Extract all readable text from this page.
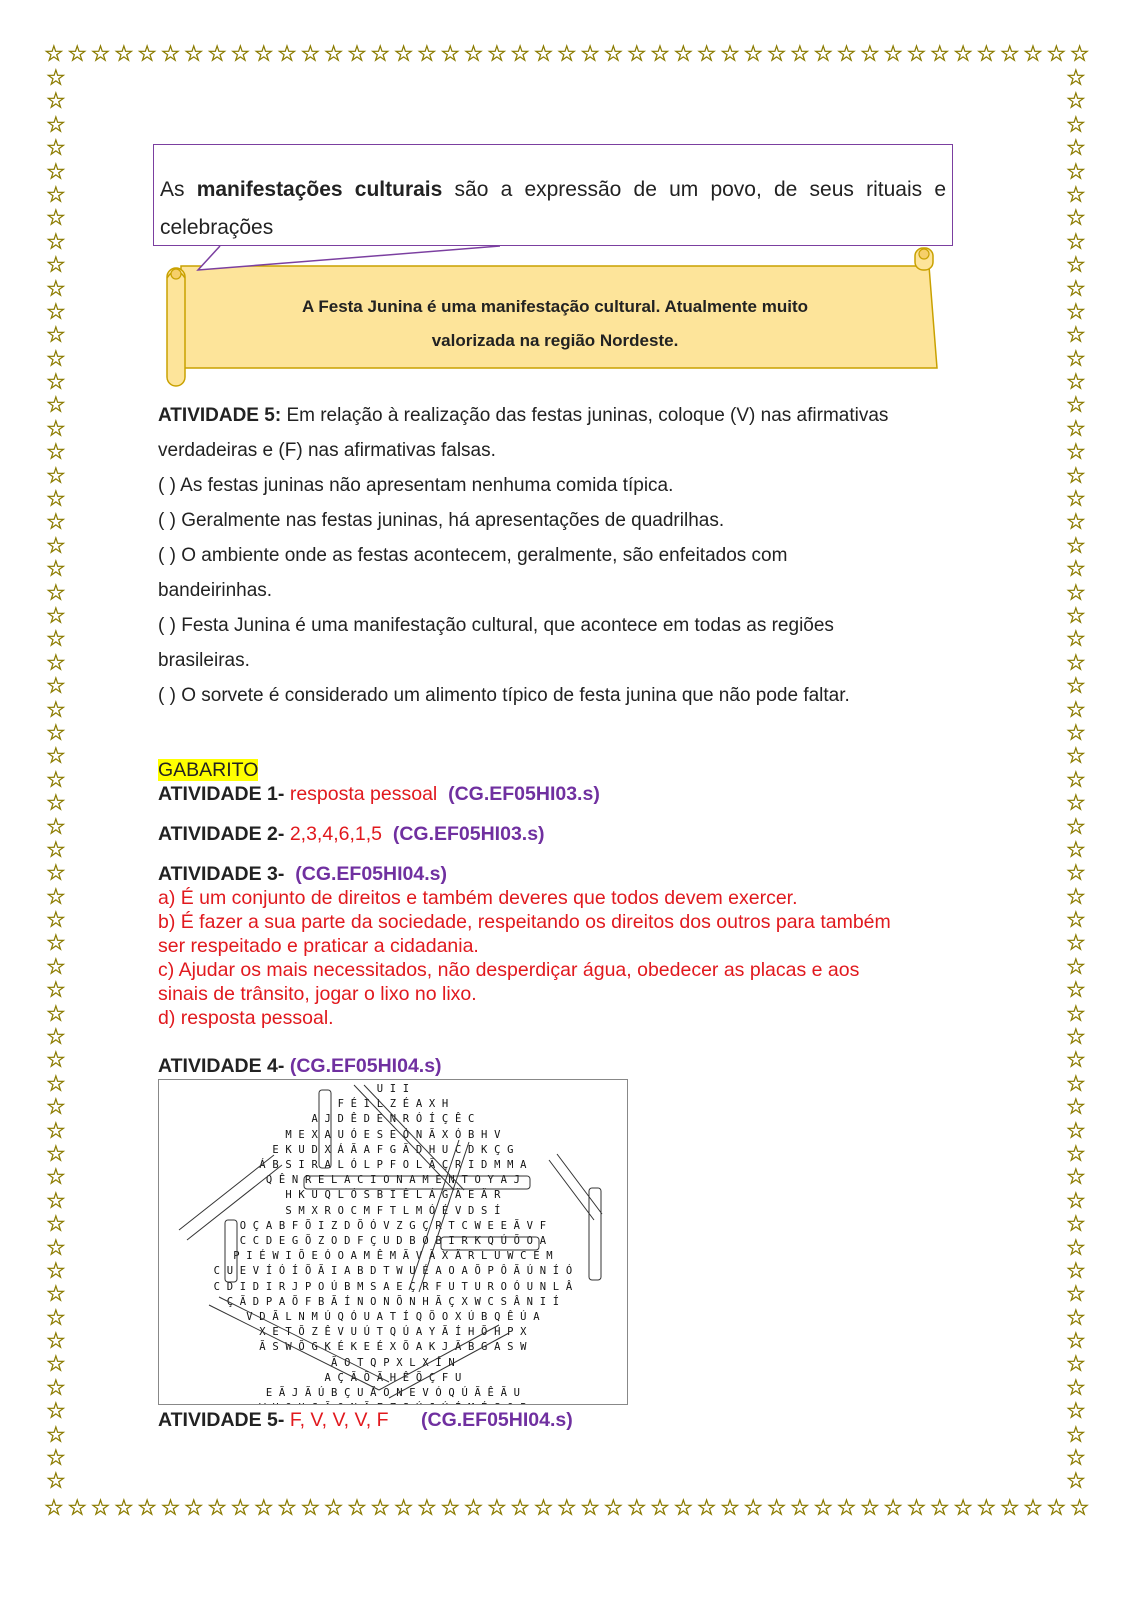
☆ ☆ ☆ ☆ ☆ ☆ ☆ ☆ ☆ ☆ ☆ ☆ ☆ ☆ ☆ ☆ ☆ ☆ ☆ ☆ ☆ ☆ ☆ ☆ ☆ ☆ ☆ ☆ ☆ ☆ ☆ ☆ ☆ ☆ ☆ ☆ ☆ ☆ ☆ ☆ ☆ ☆ ☆ ☆ ☆
☆ ☆ ☆ ☆ ☆ ☆ ☆ ☆ ☆ ☆ ☆ ☆ ☆ ☆ ☆ ☆ ☆ ☆ ☆ ☆ ☆ ☆ ☆ ☆ ☆ ☆ ☆ ☆ ☆ ☆ ☆ ☆ ☆ ☆ ☆ ☆ ☆ ☆ ☆ ☆ ☆ ☆ ☆ ☆ ☆
☆
☆
☆
☆
☆
☆
☆
☆
☆
☆
☆
☆
☆
☆
☆
☆
☆
☆
☆
☆
☆
☆
☆
☆
☆
☆
☆
☆
☆
☆
☆
☆
☆
☆
☆
☆
☆
☆
☆
☆
☆
☆
☆
☆
☆
☆
☆
☆
☆
☆
☆
☆
☆
☆
☆
☆
☆
☆
☆
☆
☆
☆
☆
☆
☆
☆
☆
☆
☆
☆
☆
☆
☆
☆
☆
☆
☆
☆
☆
☆
☆
☆
☆
☆
☆
☆
☆
☆
☆
☆
☆
☆
☆
☆
☆
☆
☆
☆
☆
☆
☆
☆
☆
☆
☆
☆
☆
☆
☆
☆
☆
☆
☆
☆
☆
☆
☆
☆
☆
☆
☆
☆
As manifestações culturais são a expressão de um povo, de seus rituais e celebrações
A Festa Junina é uma manifestação cultural. Atualmente muito
valorizada na região Nordeste.
ATIVIDADE 5: Em relação à realização das festas juninas, coloque (V) nas afirmativas
verdadeiras e (F) nas afirmativas falsas.
( ) As festas juninas não apresentam nenhuma comida típica.
( ) Geralmente nas festas juninas, há apresentações de quadrilhas.
( ) O ambiente onde as festas acontecem, geralmente, são enfeitados com
bandeirinhas.
( ) Festa Junina é uma manifestação cultural, que acontece em todas as regiões
brasileiras.
( ) O sorvete é considerado um alimento típico de festa junina que não pode faltar.
GABARITO
ATIVIDADE 1- resposta pessoal (CG.EF05HI03.s)
ATIVIDADE 2- 2,3,4,6,1,5 (CG.EF05HI03.s)
ATIVIDADE 3- (CG.EF05HI04.s)
a) É um conjunto de direitos e também deveres que todos devem exercer.
b) É fazer a sua parte da sociedade, respeitando os direitos dos outros para também
ser respeitado e praticar a cidadania.
c) Ajudar os mais necessitados, não desperdiçar água, obedecer as placas e aos
sinais de trânsito, jogar o lixo no lixo.
d) resposta pessoal.
ATIVIDADE 4- (CG.EF05HI04.s)
U I I
F É I L Z É A X H
A J D Ê D E N R Ó Í Ç Ê C
M E X A U Ó E S E Ó N Ã X Ó B H V
E K U D X Á Ã A F G Ã D H U C D K Ç G
Á B S I R A L Ó L P F O L Ã Ç R I D M M A
Q Ê N R E L A C I O N A M E N T O Y A J
H K U Q L Ó S B I Ê L Á G Ã E Ã R
S M X R O C M F T L M Ó É V D S Í
O Ç A B F Õ I Z D Õ Ó V Z G Ç R T C W E E Ã V F
C C D E G Õ Z O D F Ç U D B O B I R K Q Ú Õ O A
P I É W I Õ E Ó O A M Ê M Ã V Ã X Ã R L U W C E M
C U E V Í Ó Í Õ Ã I A B D T W U É A O A Õ P Ô Ã Ú N Í Ó
C D I D I R J P O Ú B M S A E Ç R F U T U R O Ó U N L Â
Ç Ã D P A Õ F B Ã Í N O N Õ N H Ã Ç X W C S Â N I Í
V D Ã L N M Ú Q Ó U A T Í Q Õ O X Ú B Q Ê Ú A
X E T Õ Z Ê V U Ú T Q Ú A Y Ã Í H Õ H P X
Ã S W Õ G K É K E É X Õ A K J Ã B G A S W
Ã O T Q P X L X Í N
A Ç Ã Õ Ã H Ê Õ Ç F U
E Ã J Ã Ú B Ç U Ã O N E V Ó Q Ú Ã Ê Ã U

ATIVIDADE 5- F, V, V, V, F (CG.EF05HI04.s)
